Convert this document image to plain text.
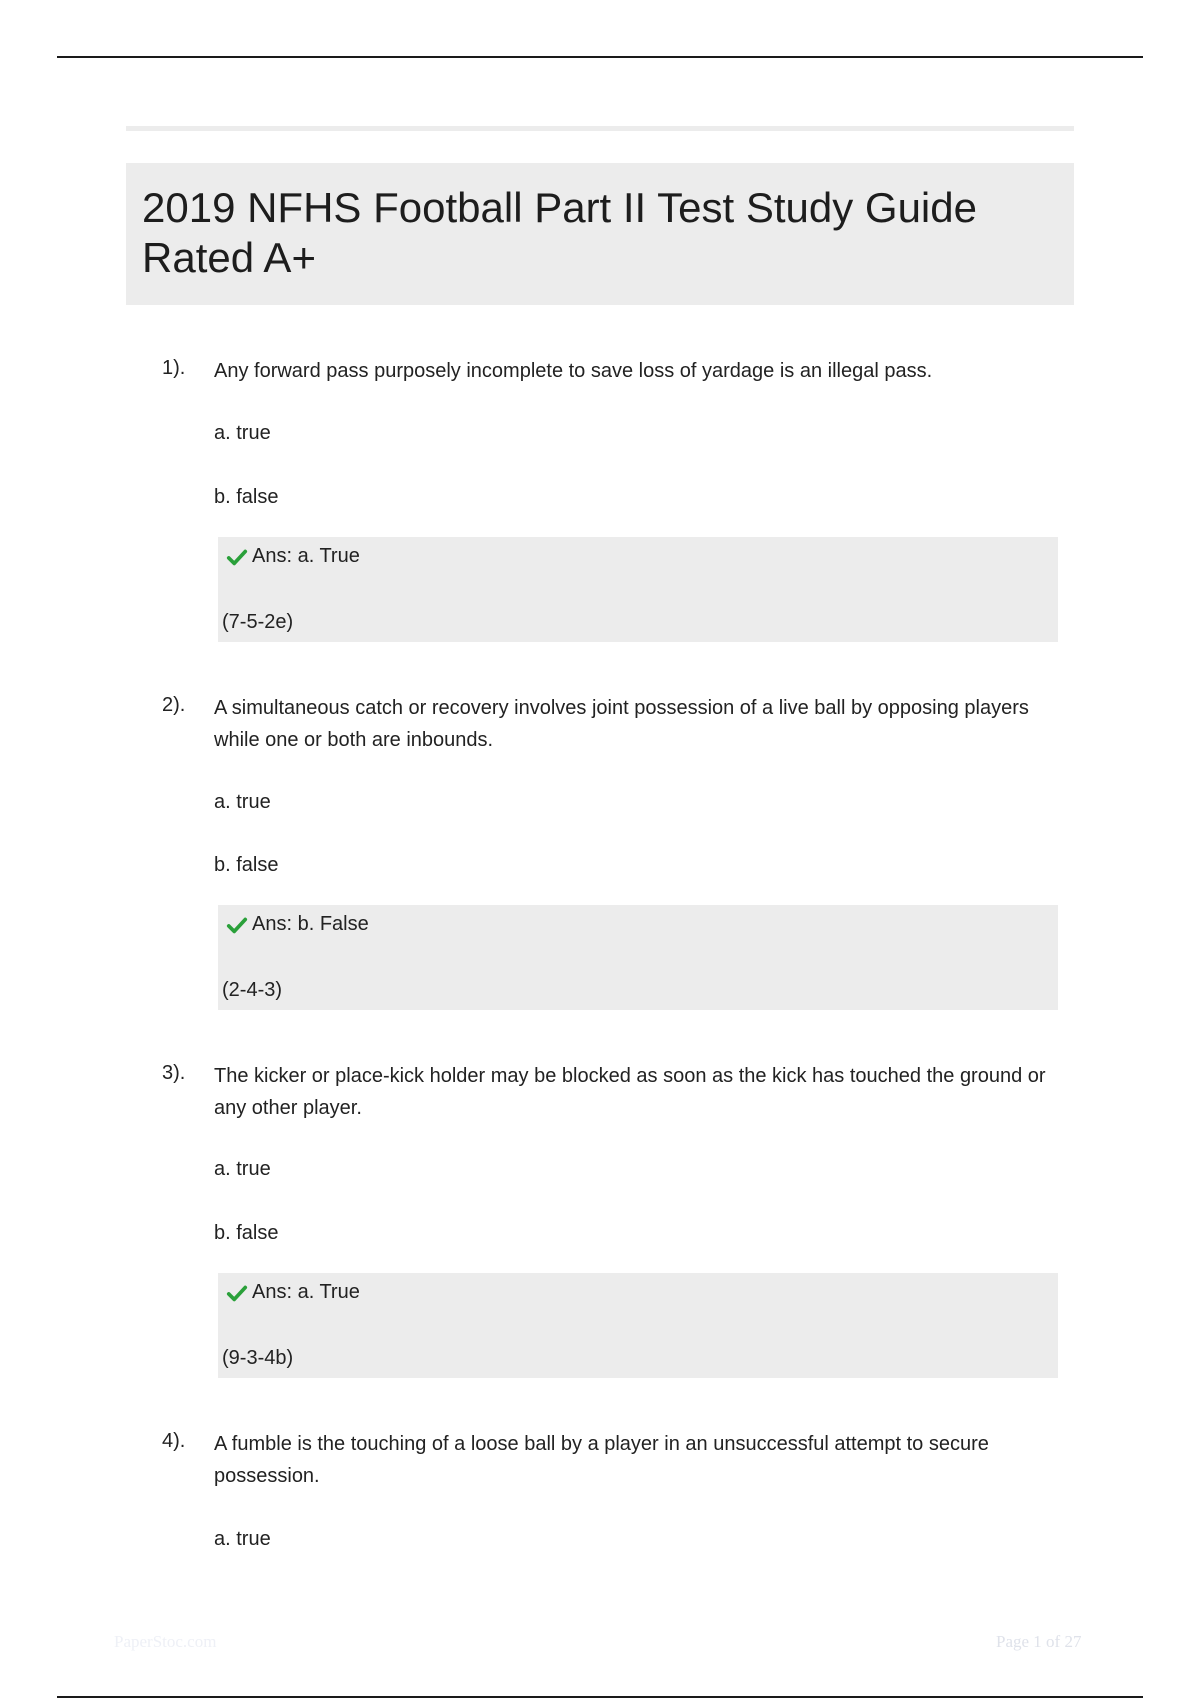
2019 NFHS Football Part II Test Study Guide Rated A+
1). Any forward pass purposely incomplete to save loss of yardage is an illegal pass.
a. true
b. false
Ans: a. True
(7-5-2e)
2). A simultaneous catch or recovery involves joint possession of a live ball by opposing players while one or both are inbounds.
a. true
b. false
Ans: b. False
(2-4-3)
3). The kicker or place-kick holder may be blocked as soon as the kick has touched the ground or any other player.
a. true
b. false
Ans: a. True
(9-3-4b)
4). A fumble is the touching of a loose ball by a player in an unsuccessful attempt to secure possession.
a. true
PaperStoc.com	Page 1 of 27
